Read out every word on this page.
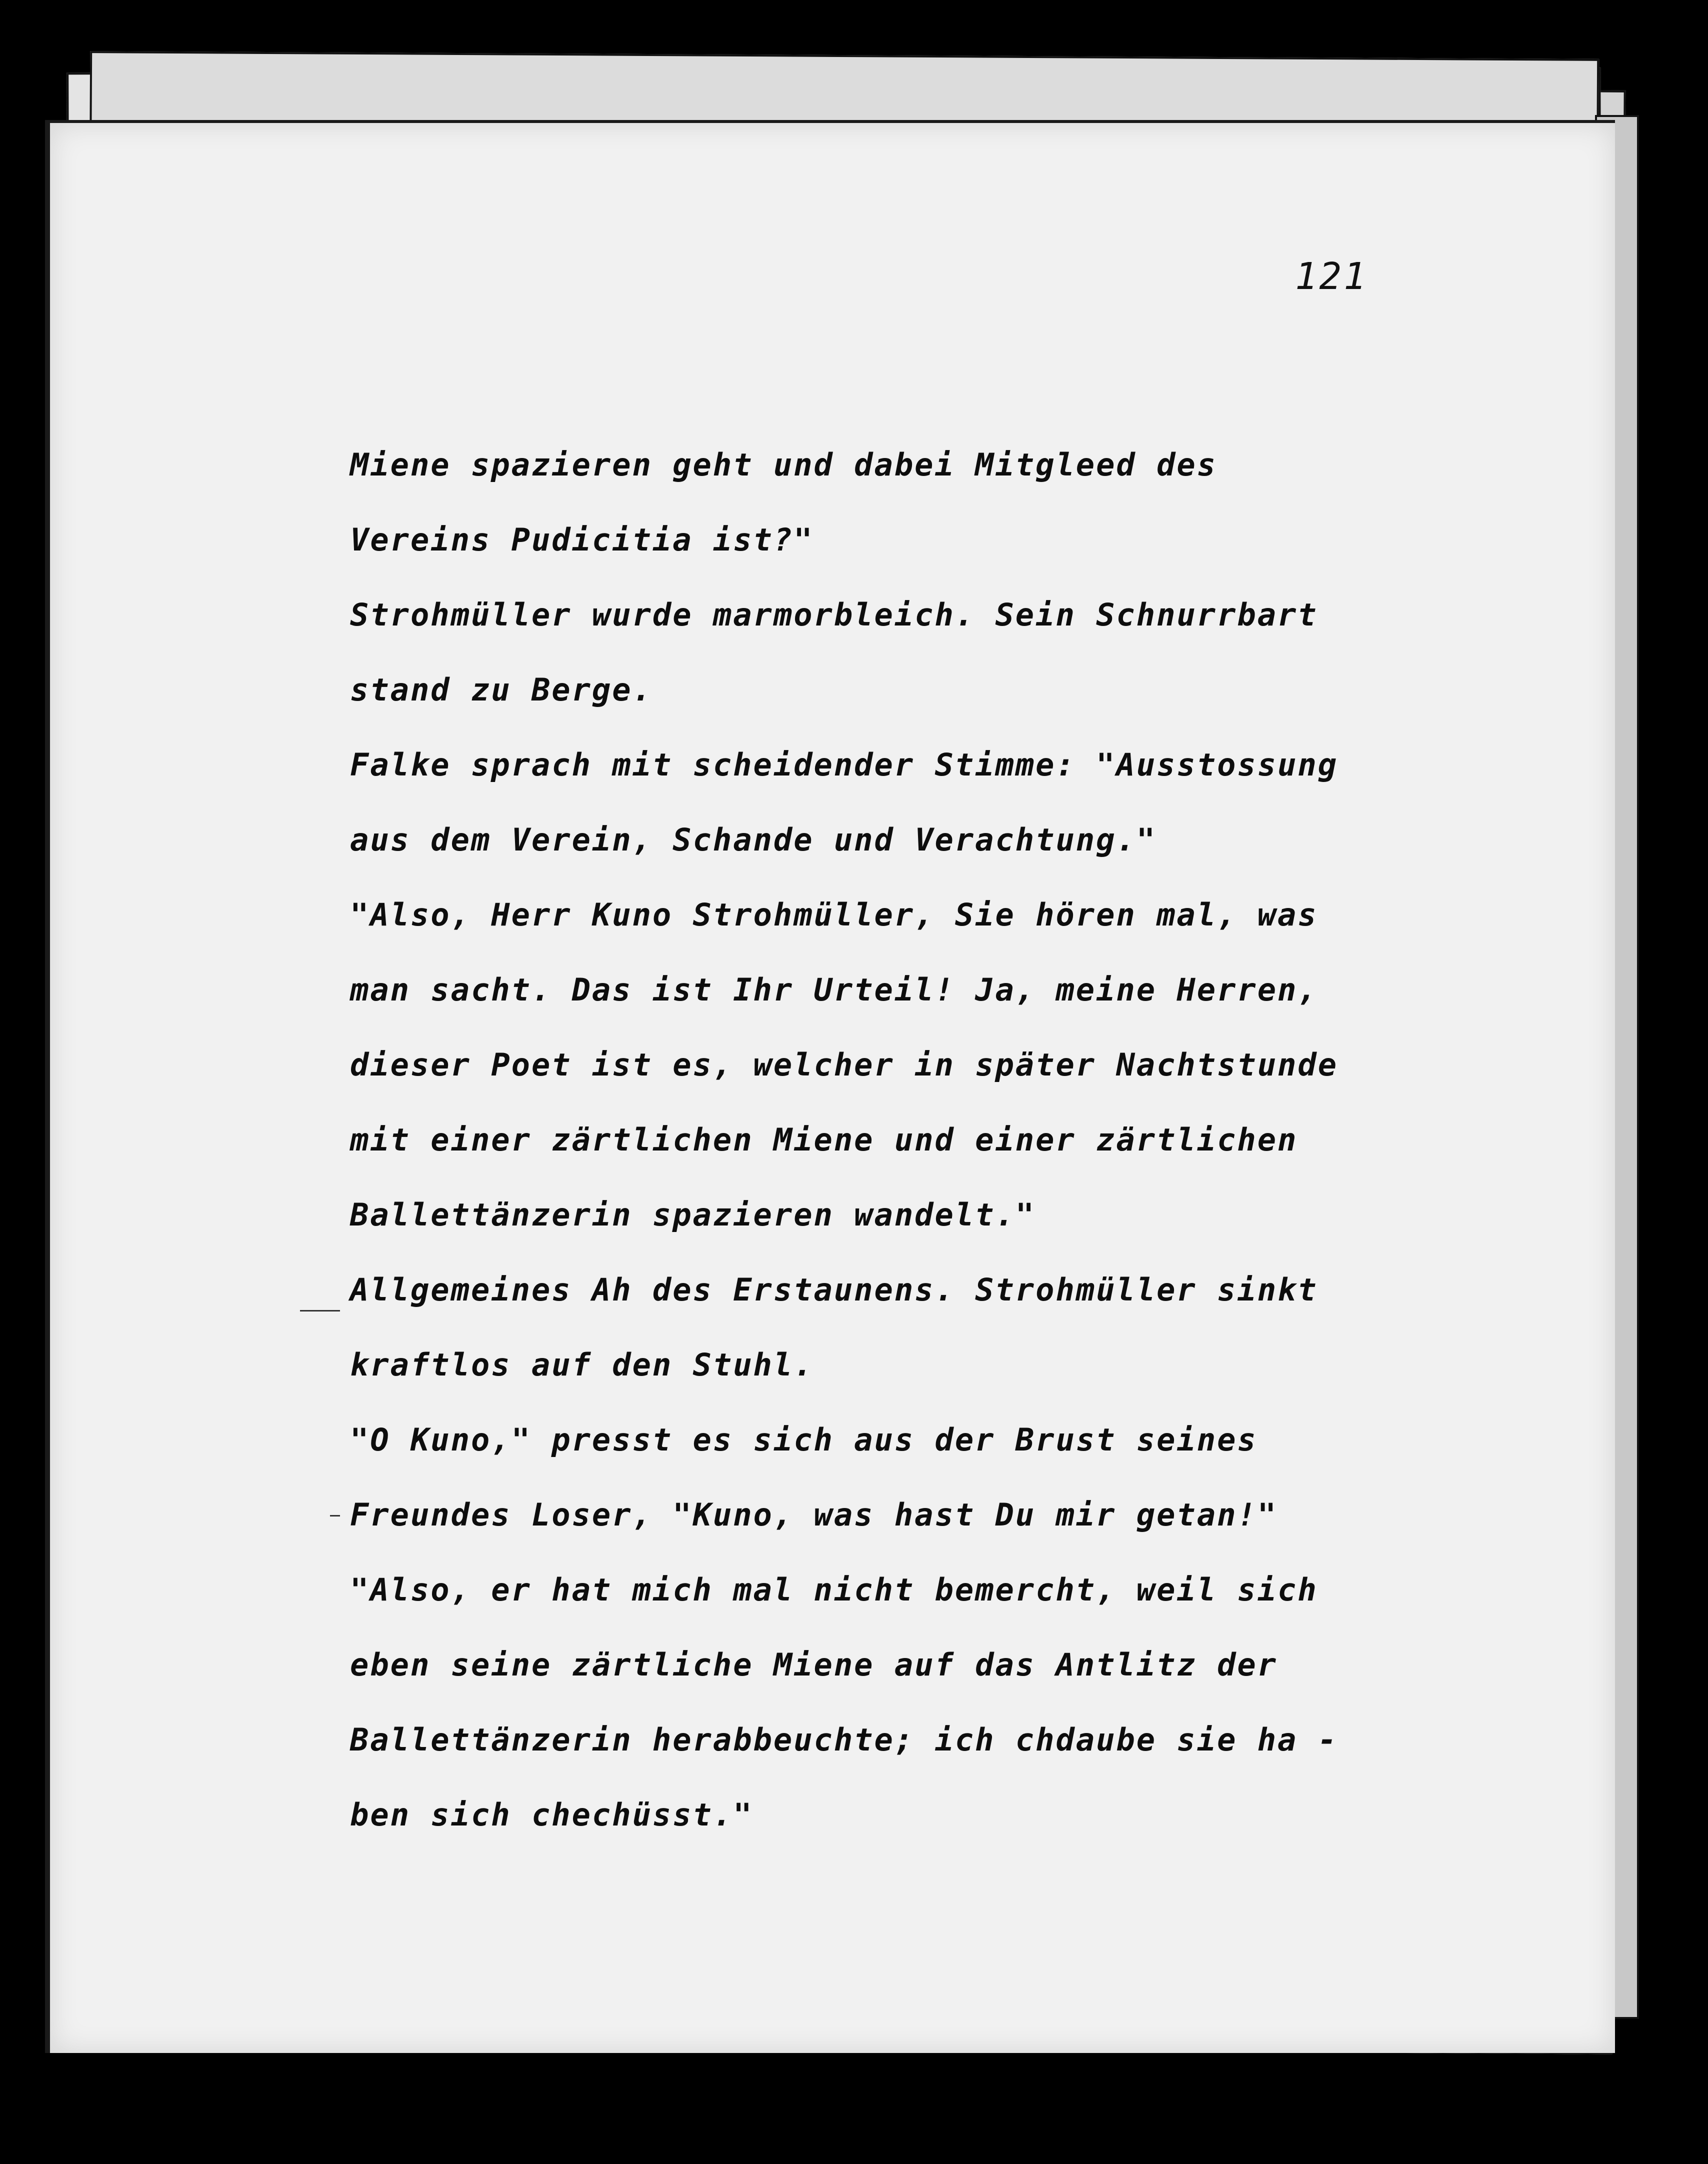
121
Miene spazieren geht und dabei Mitgleed des
Vereins Pudicitia ist?"
Strohmüller wurde marmorbleich. Sein Schnurrbart
stand zu Berge.
Falke sprach mit scheidender Stimme: "Ausstossung
aus dem Verein, Schande und Verachtung."
"Also, Herr Kuno Strohmüller, Sie hören mal, was
man sacht. Das ist Ihr Urteil! Ja, meine Herren,
dieser Poet ist es, welcher in später Nachtstunde
mit einer zärtlichen Miene und einer zärtlichen
Ballettänzerin spazieren wandelt."
Allgemeines Ah des Erstaunens. Strohmüller sinkt
kraftlos auf den Stuhl.
"O Kuno," presst es sich aus der Brust seines
Freundes Loser, "Kuno, was hast Du mir getan!"
"Also, er hat mich mal nicht bemercht, weil sich
eben seine zärtliche Miene auf das Antlitz der
Ballettänzerin herabbeuchte; ich chdaube sie ha -
ben sich chechüsst."
